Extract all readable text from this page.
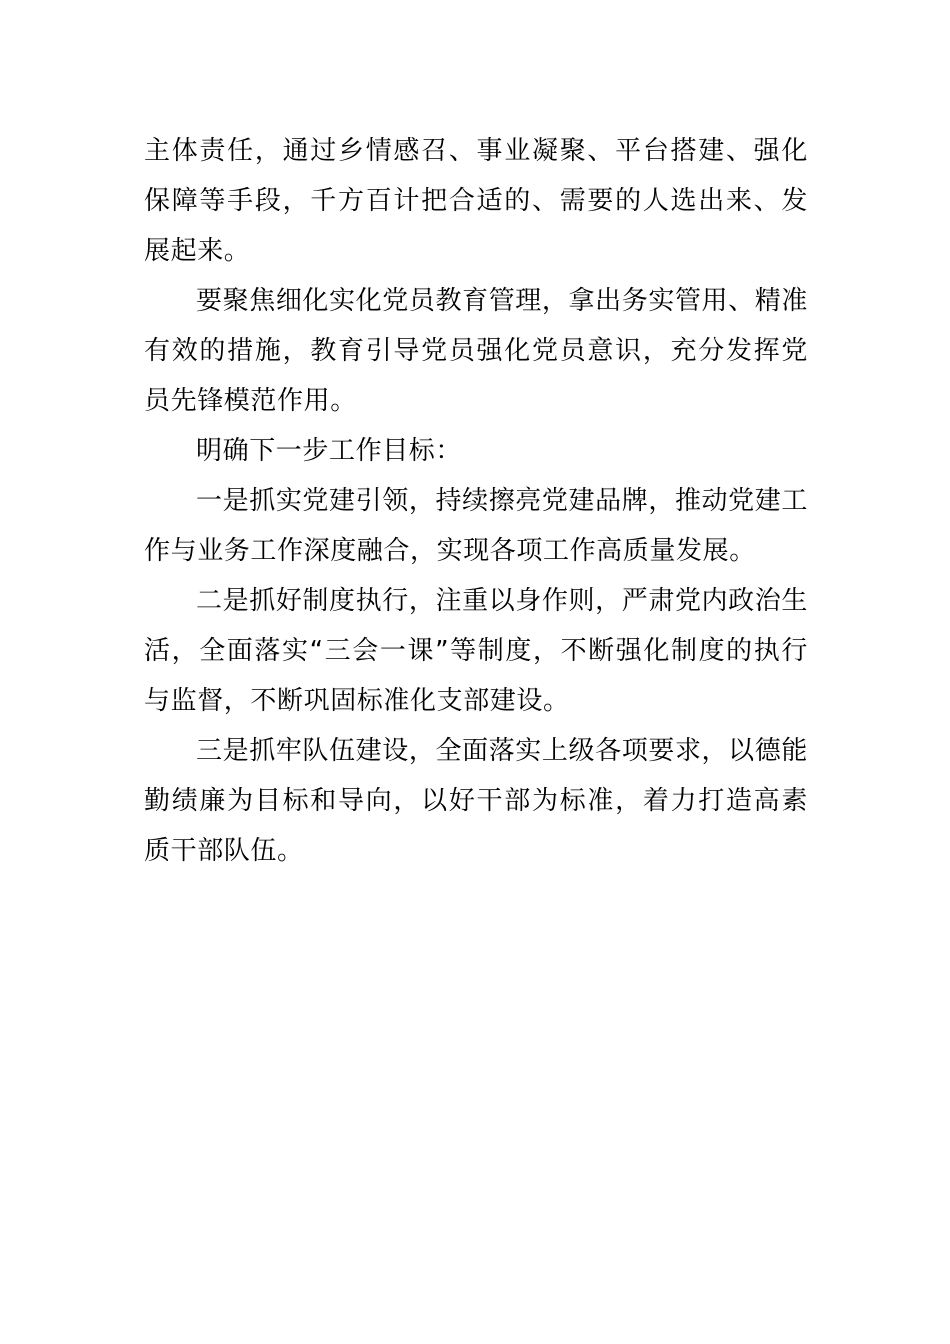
主体责任，通过乡情感召、事业凝聚、平台搭建、强化保障等手段，千方百计把合适的、需要的人选出来、发展起来。

要聚焦细化实化党员教育管理，拿出务实管用、精准有效的措施，教育引导党员强化党员意识，充分发挥党员先锋模范作用。

明确下一步工作目标：

一是抓实党建引领，持续擦亮党建品牌，推动党建工作与业务工作深度融合，实现各项工作高质量发展。

二是抓好制度执行，注重以身作则，严肃党内政治生活，全面落实“三会一课”等制度，不断强化制度的执行与监督，不断巩固标准化支部建设。

三是抓牢队伍建设，全面落实上级各项要求，以德能勤绩廉为目标和导向，以好干部为标准，着力打造高素质干部队伍。
